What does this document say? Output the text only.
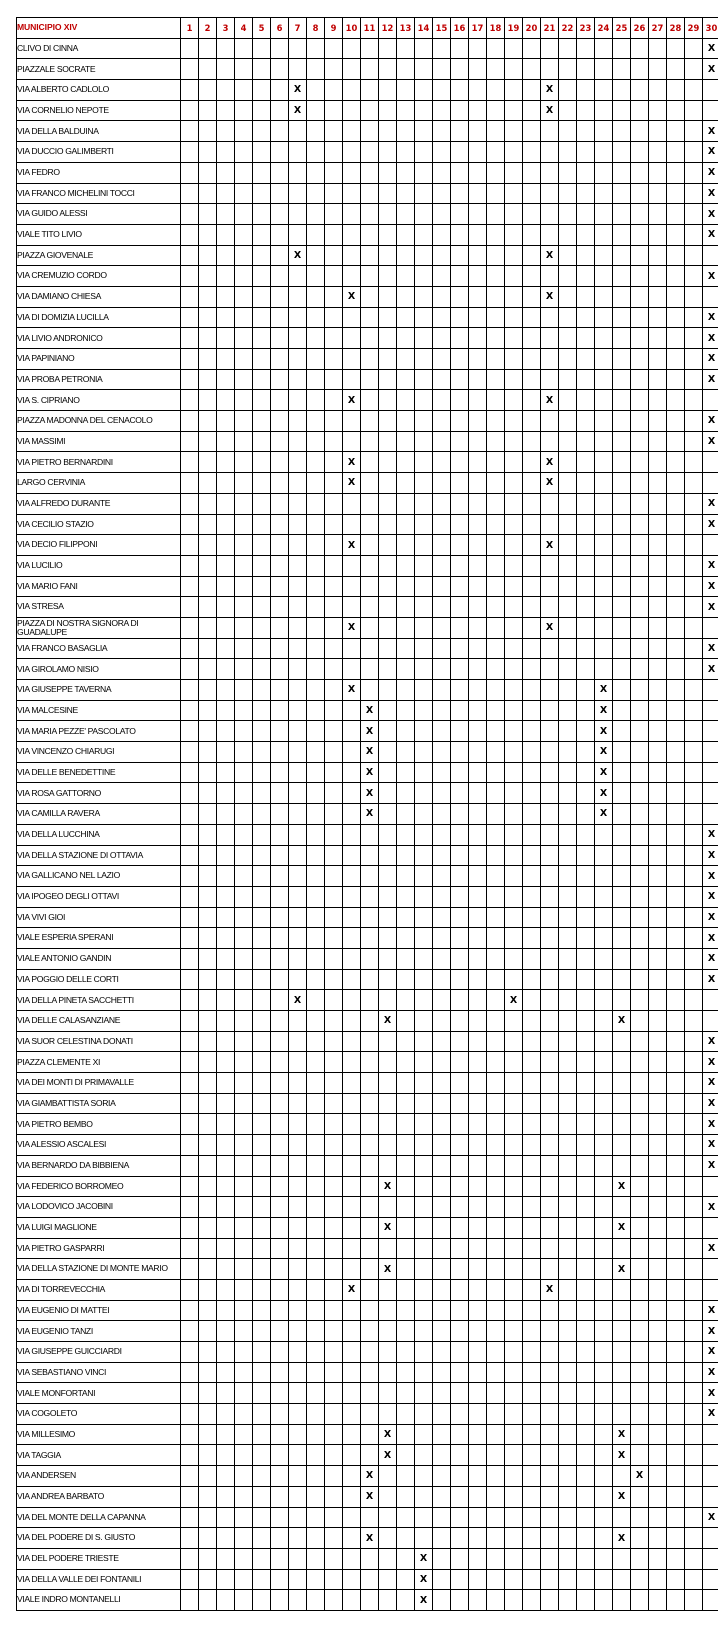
MUNICIPIO XIV	1	2	3	4	5	6	7	8	9	10	11	12	13	14	15	16	17	18	19	20	21	22	23	24	25	26	27	28	29	30
CLIVO DI CINNA																														X
PIAZZALE SOCRATE																														X
VIA ALBERTO CADLOLO							X														X									
VIA CORNELIO NEPOTE							X														X									
VIA DELLA BALDUINA																														X
VIA DUCCIO GALIMBERTI																														X
VIA FEDRO																														X
VIA FRANCO MICHELINI TOCCI																														X
VIA GUIDO ALESSI																														X
VIALE TITO LIVIO																														X
PIAZZA GIOVENALE							X														X									
VIA CREMUZIO CORDO																														X
VIA DAMIANO CHIESA										X											X									
VIA DI DOMIZIA LUCILLA																														X
VIA LIVIO ANDRONICO																														X
VIA PAPINIANO																														X
VIA PROBA PETRONIA																														X
VIA S. CIPRIANO										X											X									
PIAZZA MADONNA DEL CENACOLO																														X
VIA MASSIMI																														X
VIA PIETRO BERNARDINI										X											X									
LARGO CERVINIA										X											X									
VIA ALFREDO DURANTE																														X
VIA CECILIO STAZIO																														X
VIA DECIO FILIPPONI										X											X									
VIA LUCILIO																														X
VIA MARIO FANI																														X
VIA STRESA																														X
PIAZZA DI NOSTRA SIGNORA DI GUADALUPE										X											X									
VIA FRANCO BASAGLIA																														X
VIA GIROLAMO NISIO																														X
VIA GIUSEPPE TAVERNA										X														X						
VIA MALCESINE											X													X						
VIA MARIA PEZZE' PASCOLATO											X													X						
VIA VINCENZO CHIARUGI											X													X						
VIA DELLE BENEDETTINE											X													X						
VIA ROSA GATTORNO											X													X						
VIA CAMILLA RAVERA											X													X						
VIA DELLA LUCCHINA																														X
VIA DELLA STAZIONE DI OTTAVIA																														X
VIA GALLICANO NEL LAZIO																														X
VIA IPOGEO DEGLI OTTAVI																														X
VIA VIVI GIOI																														X
VIALE ESPERIA SPERANI																														X
VIALE ANTONIO GANDIN																														X
VIA POGGIO DELLE CORTI																														X
VIA DELLA PINETA SACCHETTI							X												X											
VIA DELLE CALASANZIANE												X													X					
VIA SUOR CELESTINA DONATI																														X
PIAZZA CLEMENTE XI																														X
VIA DEI MONTI DI PRIMAVALLE																														X
VIA GIAMBATTISTA SORIA																														X
VIA PIETRO BEMBO																														X
VIA ALESSIO ASCALESI																														X
VIA BERNARDO DA BIBBIENA																														X
VIA FEDERICO BORROMEO												X													X					
VIA LODOVICO JACOBINI																														X
VIA LUIGI MAGLIONE												X													X					
VIA PIETRO GASPARRI																														X
VIA DELLA STAZIONE DI MONTE MARIO												X													X					
VIA DI TORREVECCHIA										X											X									
VIA EUGENIO DI MATTEI																														X
VIA EUGENIO TANZI																														X
VIA GIUSEPPE GUICCIARDI																														X
VIA SEBASTIANO VINCI																														X
VIALE MONFORTANI																														X
VIA COGOLETO																														X
VIA MILLESIMO												X													X					
VIA TAGGIA												X													X					
VIA ANDERSEN											X															X				
VIA ANDREA BARBATO											X														X					
VIA DEL MONTE DELLA CAPANNA																														X
VIA DEL PODERE DI S. GIUSTO											X														X					
VIA DEL PODERE TRIESTE														X																
VIA DELLA VALLE DEI FONTANILI														X																
VIALE INDRO MONTANELLI														X																
